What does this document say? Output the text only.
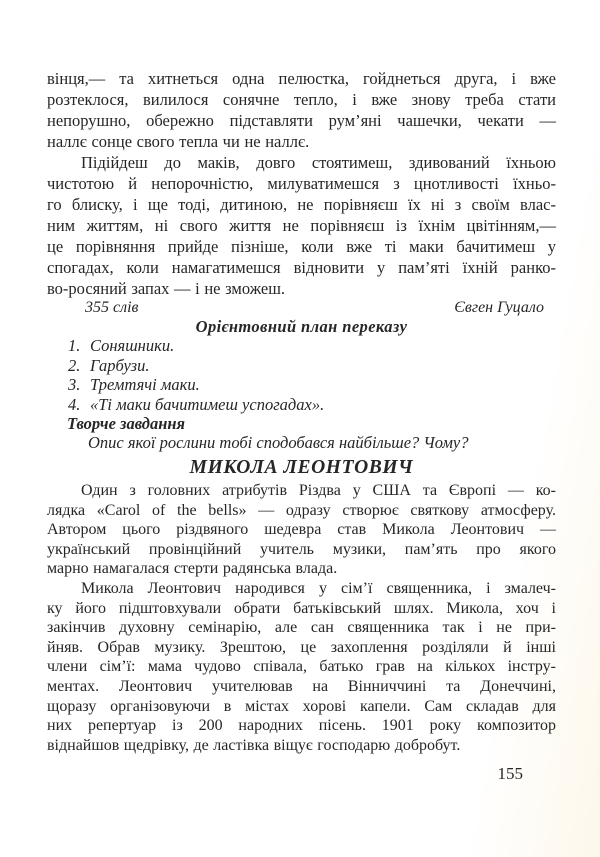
вінця,— та хитнеться одна пелюстка, гойднеться друга, і вже
розтеклося, вилилося сонячне тепло, і вже знову треба стати
непорушно, обережно підставляти рум’яні чашечки, чекати —
наллє сонце свого тепла чи не наллє.
Підійдеш до маків, довго стоятимеш, здивований їхньою
чистотою й непорочністю, милуватимешся з цнотливості їхньо-
го блиску, і ще тоді, дитиною, не порівняєш їх ні з своїм влас-
ним життям, ні свого життя не порівняєш із їхнім цвітінням,—
це порівняння прийде пізніше, коли вже ті маки бачитимеш у
спогадах, коли намагатимешся відновити у пам’яті їхній ранко-
во-росяний запах — і не зможеш.
355 слів	Євген Гуцало
Орієнтовний план переказу
1. Соняшники.
2. Гарбузи.
3. Тремтячі маки.
4. «Ті маки бачитимеш успогадах».
Творче завдання
Опис якої рослини тобі сподобався найбільше? Чому?
МИКОЛА ЛЕОНТОВИЧ
Один з головних атрибутів Різдва у США та Європі — ко-
лядка «Carol of the bells» — одразу створює святкову атмосферу.
Автором цього різдвяного шедевра став Микола Леонтович —
український провінційний учитель музики, пам’ять про якого
марно намагалася стерти радянська влада.
Микола Леонтович народився у сім’ї священника, і змалеч-
ку його підштовхували обрати батьківський шлях. Микола, хоч і
закінчив духовну семінарію, але сан священника так і не при-
йняв. Обрав музику. Зрештою, це захоплення розділяли й інші
члени сім’ї: мама чудово співала, батько грав на кількох інстру-
ментах. Леонтович учителював на Вінниччині та Донеччині,
щоразу організовуючи в містах хорові капели. Сам складав для
них репертуар із 200 народних пісень. 1901 року композитор
віднайшов щедрівку, де ластівка віщує господарю добробут.
155
